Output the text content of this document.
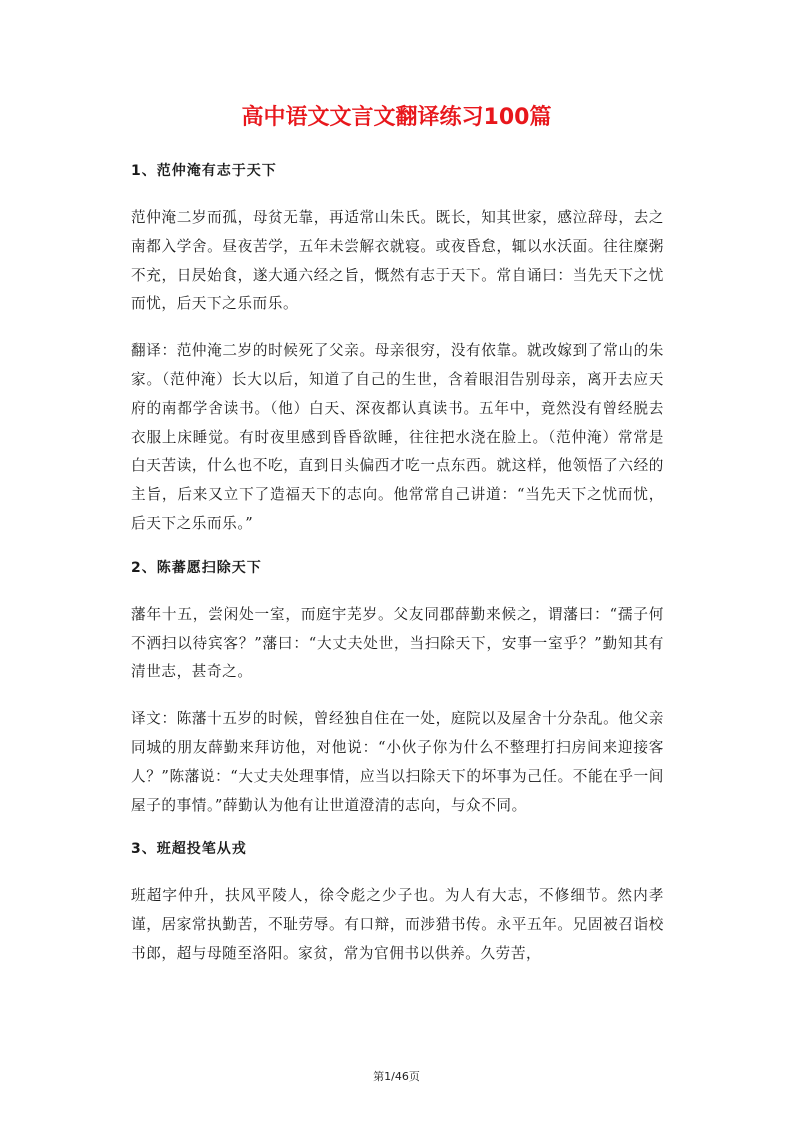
高中语文文言文翻译练习100篇
1、范仲淹有志于天下

范仲淹二岁而孤，母贫无靠，再适常山朱氏。既长，知其世家，感泣辞母，去之南都入学舍。昼夜苦学，五年未尝解衣就寝。或夜昏怠，辄以水沃面。往往糜粥不充，日昃始食，遂大通六经之旨，慨然有志于天下。常自诵曰：当先天下之忧而忧，后天下之乐而乐。

翻译：范仲淹二岁的时候死了父亲。母亲很穷，没有依靠。就改嫁到了常山的朱家。（范仲淹）长大以后，知道了自己的生世，含着眼泪告别母亲，离开去应天府的南都学舍读书。（他）白天、深夜都认真读书。五年中，竟然没有曾经脱去衣服上床睡觉。有时夜里感到昏昏欲睡，往往把水浇在脸上。（范仲淹）常常是白天苦读，什么也不吃，直到日头偏西才吃一点东西。就这样，他领悟了六经的主旨，后来又立下了造福天下的志向。他常常自己讲道：“当先天下之忧而忧，后天下之乐而乐。”

2、陈蕃愿扫除天下

藩年十五，尝闲处一室，而庭宇芜岁。父友同郡薛勤来候之，谓藩曰：“孺子何不洒扫以待宾客？”藩曰：“大丈夫处世，当扫除天下，安事一室乎？”勤知其有清世志，甚奇之。

译文：陈藩十五岁的时候，曾经独自住在一处，庭院以及屋舍十分杂乱。他父亲同城的朋友薛勤来拜访他，对他说：“小伙子你为什么不整理打扫房间来迎接客人？”陈藩说：“大丈夫处理事情，应当以扫除天下的坏事为己任。不能在乎一间屋子的事情。”薛勤认为他有让世道澄清的志向，与众不同。

3、班超投笔从戎

班超字仲升，扶风平陵人，徐令彪之少子也。为人有大志，不修细节。然内孝谨，居家常执勤苦，不耻劳辱。有口辩，而涉猎书传。永平五年。兄固被召诣校书郎，超与母随至洛阳。家贫，常为官佣书以供养。久劳苦，

第1/46页
